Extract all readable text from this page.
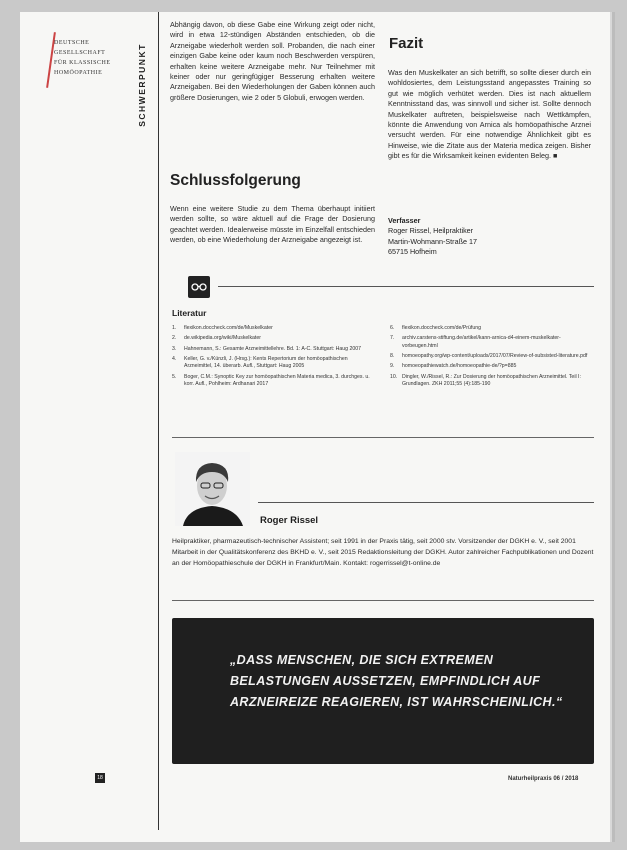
DEUTSCHE
GESELLSCHAFT
FÜR KLASSISCHE
HOMÖOPATHIE	SCHWERPUNKT
Abhängig davon, ob diese Gabe eine Wirkung zeigt oder nicht, wird in etwa 12-stündigen Abständen entschieden, ob die Arzneigabe wiederholt werden soll. Probanden, die nach einer einzigen Gabe keine oder kaum noch Beschwerden verspüren, erhalten keine weitere Arzneigabe mehr. Nur Teilnehmer mit keiner oder nur geringfügiger Besserung erhalten weitere Arzneigaben. Bei den Wiederholungen der Gaben können auch größere Dosierungen, wie 2 oder 5 Globuli, erwogen werden.
Schlussfolgerung
Wenn eine weitere Studie zu dem Thema überhaupt initiiert werden sollte, so wäre aktuell auf die Frage der Dosierung geachtet werden. Idealerweise müsste im Einzelfall entschieden werden, ob eine Wiederholung der Arzneigabe angezeigt ist.
Fazit
Was den Muskelkater an sich betrifft, so sollte dieser durch ein wohldosiertes, dem Leistungsstand angepasstes Training so gut wie möglich verhütet werden. Dies ist nach aktuellem Kenntnisstand das, was sinnvoll und sicher ist. Sollte dennoch Muskelkater auftreten, beispielsweise nach Wettkämpfen, könnte die Anwendung von Arnica als homöopathische Arznei versucht werden. Für eine notwendige Ähnlichkeit gibt es Hinweise, wie die Zitate aus der Materia medica zeigen. Bisher gibt es für die Wirksamkeit keinen evidenten Beleg. ■
Verfasser
Roger Rissel, Heilpraktiker
Martin-Wohmann-Straße 17
65715 Hofheim
Literatur
1.	flexikon.doccheck.com/de/Muskelkater
2.	de.wikipedia.org/wiki/Muskelkater
3.	Hahnemann, S.: Gesamte Arzneimittellehre. Bd. 1: A-C. Stuttgart: Haug 2007
4.	Keller, G. v./Künzli, J. (Hrsg.): Kents Repertorium der homöopathischen Arzneimittel, 14. überarb. Aufl., Stuttgart: Haug 2005
5.	Boger, C.M.: Synoptic Key zur homöopathischen Materia medica, 3. durchges. u. korr. Aufl., Pohlheim: Ardhanari 2017
6.	flexikon.doccheck.com/de/Prüfung
7.	archiv.carstens-stiftung.de/artikel/kann-arnica-d4-einem-muskelkater-vorbeugen.html
8.	homoeopathy.org/wp-content/uploads/2017/07/Review-of-subsisted-literature.pdf
9.	homoeopathiewatch.de/homoeopathie-de/?p=885
10. Dingler, W./Rissel, R.: Zur Dosierung der homöopathischen Arzneimittel. Teil I: Grundlagen. ZKH 2011;55 (4):185-190
Roger Rissel
Heilpraktiker, pharmazeutisch-technischer Assistent; seit 1991 in der Praxis tätig, seit 2000 stv. Vorsitzender der DGKH e. V., seit 2001 Mitarbeit in der Qualitätskonferenz des BKHD e. V., seit 2015 Redaktionsleitung der DGKH. Autor zahlreicher Fachpublikationen und Dozent an der Homöopathieschule der DGKH in Frankfurt/Main. Kontakt: rogerrissel@t-online.de
„DASS MENSCHEN, DIE SICH EXTREMEN BELASTUNGEN AUSSETZEN, EMPFINDLICH AUF ARZNEIREIZE REAGIEREN, IST WAHRSCHEINLICH.“
18	Naturheilpraxis 06 / 2018
